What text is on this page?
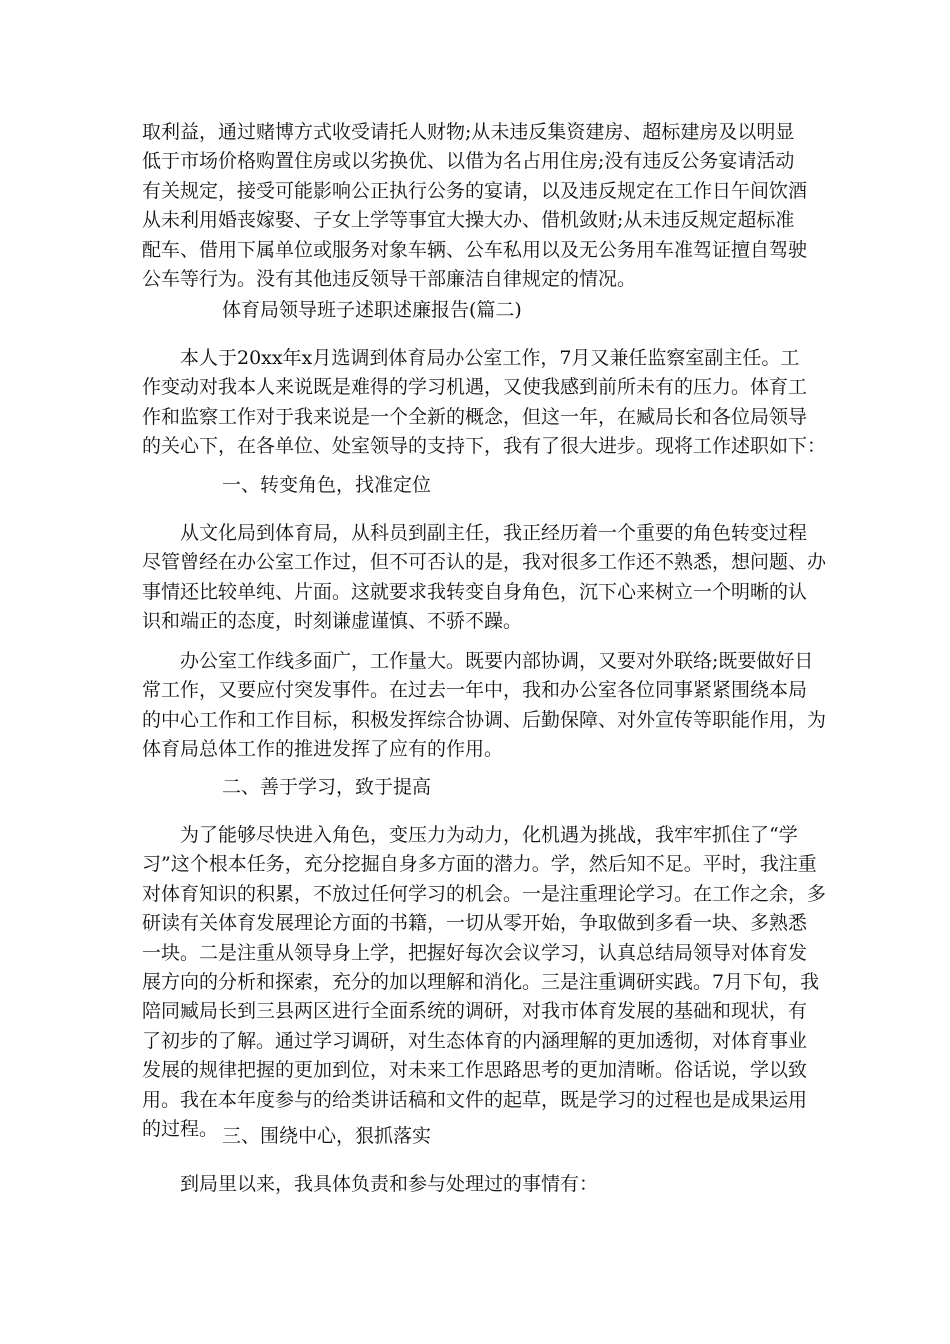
取利益，通过赌博方式收受请托人财物;从未违反集资建房、超标建房及以明显
低于市场价格购置住房或以劣换优、以借为名占用住房;没有违反公务宴请活动
有关规定，接受可能影响公正执行公务的宴请，以及违反规定在工作日午间饮酒
从未利用婚丧嫁娶、子女上学等事宜大操大办、借机敛财;从未违反规定超标准
配车、借用下属单位或服务对象车辆、公车私用以及无公务用车准驾证擅自驾驶
公车等行为。没有其他违反领导干部廉洁自律规定的情况。
体育局领导班子述职述廉报告(篇二)
本人于20xx年x月选调到体育局办公室工作，7月又兼任监察室副主任。工
作变动对我本人来说既是难得的学习机遇，又使我感到前所未有的压力。体育工
作和监察工作对于我来说是一个全新的概念，但这一年，在臧局长和各位局领导
的关心下，在各单位、处室领导的支持下，我有了很大进步。现将工作述职如下：
一、转变角色，找准定位
从文化局到体育局，从科员到副主任，我正经历着一个重要的角色转变过程
尽管曾经在办公室工作过，但不可否认的是，我对很多工作还不熟悉，想问题、办
事情还比较单纯、片面。这就要求我转变自身角色，沉下心来树立一个明晰的认
识和端正的态度，时刻谦虚谨慎、不骄不躁。
办公室工作线多面广，工作量大。既要内部协调，又要对外联络;既要做好日
常工作，又要应付突发事件。在过去一年中，我和办公室各位同事紧紧围绕本局
的中心工作和工作目标，积极发挥综合协调、后勤保障、对外宣传等职能作用，为
体育局总体工作的推进发挥了应有的作用。
二、善于学习，致于提高
为了能够尽快进入角色，变压力为动力，化机遇为挑战，我牢牢抓住了“学
习”这个根本任务，充分挖掘自身多方面的潜力。学，然后知不足。平时，我注重
对体育知识的积累，不放过任何学习的机会。一是注重理论学习。在工作之余，多
研读有关体育发展理论方面的书籍，一切从零开始，争取做到多看一块、多熟悉
一块。二是注重从领导身上学，把握好每次会议学习，认真总结局领导对体育发
展方向的分析和探索，充分的加以理解和消化。三是注重调研实践。7月下旬，我
陪同臧局长到三县两区进行全面系统的调研，对我市体育发展的基础和现状，有
了初步的了解。通过学习调研，对生态体育的内涵理解的更加透彻，对体育事业
发展的规律把握的更加到位，对未来工作思路思考的更加清晰。俗话说，学以致
用。我在本年度参与的给类讲话稿和文件的起草，既是学习的过程也是成果运用
的过程。 三、围绕中心，狠抓落实
到局里以来，我具体负责和参与处理过的事情有：
